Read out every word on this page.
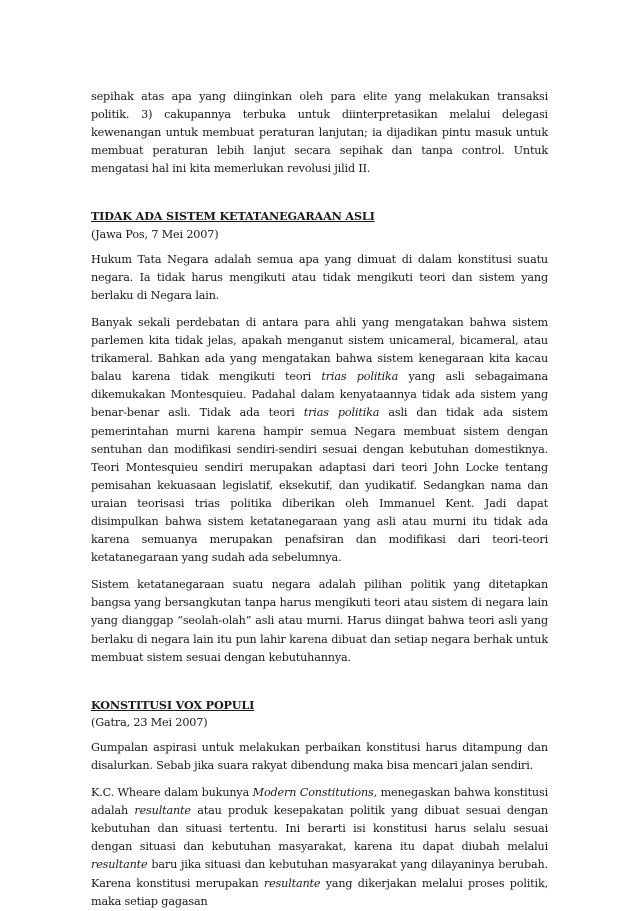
sepihak atas apa yang diinginkan oleh para elite yang melakukan transaksi politik. 3) cakupannya terbuka untuk diinterpretasikan melalui delegasi kewenangan untuk membuat peraturan lanjutan; ia dijadikan pintu masuk untuk membuat peraturan lebih lanjut secara sepihak dan tanpa control. Untuk mengatasi hal ini kita memerlukan revolusi jilid II.

TIDAK ADA SISTEM KETATANEGARAAN ASLI

(Jawa Pos, 7 Mei 2007)

Hukum Tata Negara adalah semua apa yang dimuat di dalam konstitusi suatu negara. Ia tidak harus mengikuti atau tidak mengikuti teori dan sistem yang berlaku di Negara lain.

Banyak sekali perdebatan di antara para ahli yang mengatakan bahwa sistem parlemen kita tidak jelas, apakah menganut sistem unicameral, bicameral, atau trikameral. Bahkan ada yang mengatakan bahwa sistem kenegaraan kita kacau balau karena tidak mengikuti teori trias politika yang asli sebagaimana dikemukakan Montesquieu. Padahal dalam kenyataannya tidak ada sistem yang benar-benar asli. Tidak ada teori trias politika asli dan tidak ada sistem pemerintahan murni karena hampir semua Negara membuat sistem dengan sentuhan dan modifikasi sendiri-sendiri sesuai dengan kebutuhan domestiknya. Teori Montesquieu sendiri merupakan adaptasi dari teori John Locke tentang pemisahan kekuasaan legislatif, eksekutif, dan yudikatif. Sedangkan nama dan uraian teorisasi trias politika diberikan oleh Immanuel Kent. Jadi dapat disimpulkan bahwa sistem ketatanegaraan yang asli atau murni itu tidak ada karena semuanya merupakan penafsiran dan modifikasi dari teori-teori ketatanegaraan yang sudah ada sebelumnya.

Sistem ketatanegaraan suatu negara adalah pilihan politik yang ditetapkan bangsa yang bersangkutan tanpa harus mengikuti teori atau sistem di negara lain yang dianggap “seolah-olah” asli atau murni. Harus diingat bahwa teori asli yang berlaku di negara lain itu pun lahir karena dibuat dan setiap negara berhak untuk membuat sistem sesuai dengan kebutuhannya.

KONSTITUSI VOX POPULI

(Gatra, 23 Mei 2007)

Gumpalan aspirasi untuk melakukan perbaikan konstitusi harus ditampung dan disalurkan. Sebab jika suara rakyat dibendung maka bisa mencari jalan sendiri.

K.C. Wheare dalam bukunya Modern Constitutions, menegaskan bahwa konstitusi adalah resultante atau produk kesepakatan politik yang dibuat sesuai dengan kebutuhan dan situasi tertentu. Ini berarti isi konstitusi harus selalu sesuai dengan situasi dan kebutuhan masyarakat, karena itu dapat diubah melalui resultante baru jika situasi dan kebutuhan masyarakat yang dilayaninya berubah. Karena konstitusi merupakan resultante yang dikerjakan melalui proses politik, maka setiap gagasan
